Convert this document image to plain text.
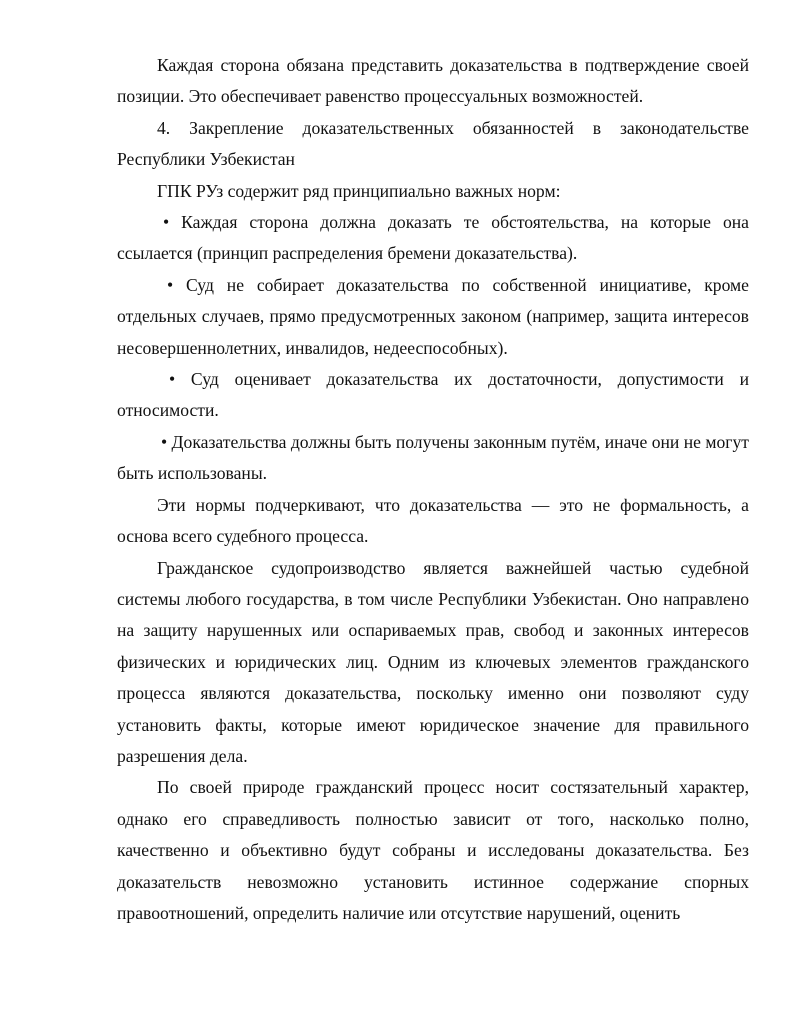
Каждая сторона обязана представить доказательства в подтверждение своей позиции. Это обеспечивает равенство процессуальных возможностей.

4. Закрепление доказательственных обязанностей в законодательстве Республики Узбекистан

ГПК РУз содержит ряд принципиально важных норм:

• Каждая сторона должна доказать те обстоятельства, на которые она ссылается (принцип распределения бремени доказательства).

• Суд не собирает доказательства по собственной инициативе, кроме отдельных случаев, прямо предусмотренных законом (например, защита интересов несовершеннолетних, инвалидов, недееспособных).

• Суд оценивает доказательства их достаточности, допустимости и относимости.

• Доказательства должны быть получены законным путём, иначе они не могут быть использованы.

Эти нормы подчеркивают, что доказательства — это не формальность, а основа всего судебного процесса.

Гражданское судопроизводство является важнейшей частью судебной системы любого государства, в том числе Республики Узбекистан. Оно направлено на защиту нарушенных или оспариваемых прав, свобод и законных интересов физических и юридических лиц. Одним из ключевых элементов гражданского процесса являются доказательства, поскольку именно они позволяют суду установить факты, которые имеют юридическое значение для правильного разрешения дела.

По своей природе гражданский процесс носит состязательный характер, однако его справедливость полностью зависит от того, насколько полно, качественно и объективно будут собраны и исследованы доказательства. Без доказательств невозможно установить истинное содержание спорных правоотношений, определить наличие или отсутствие нарушений, оценить
